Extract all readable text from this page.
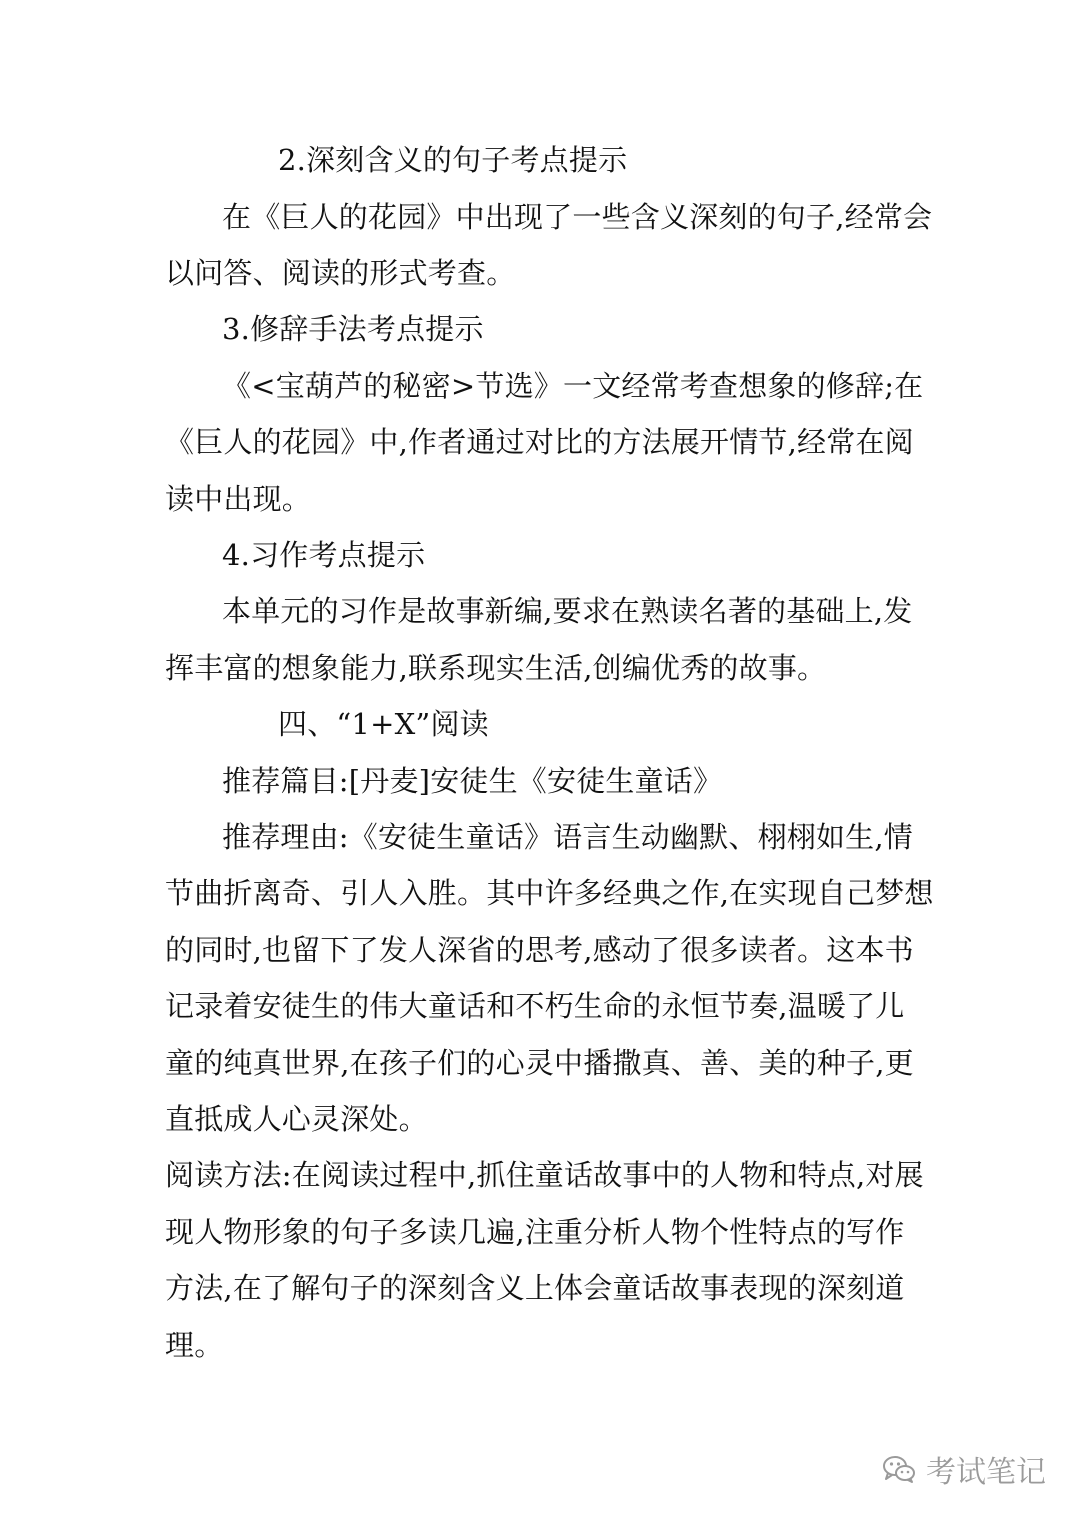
2.深刻含义的句子考点提示
在《巨人的花园》中出现了一些含义深刻的句子,经常会
以问答、阅读的形式考查。
3.修辞手法考点提示
《<宝葫芦的秘密>节选》一文经常考查想象的修辞;在
《巨人的花园》中,作者通过对比的方法展开情节,经常在阅
读中出现。
4.习作考点提示
本单元的习作是故事新编,要求在熟读名著的基础上,发
挥丰富的想象能力,联系现实生活,创编优秀的故事。
四、“1+X”阅读
推荐篇目:[丹麦]安徒生《安徒生童话》
推荐理由:《安徒生童话》语言生动幽默、栩栩如生,情
节曲折离奇、引人入胜。其中许多经典之作,在实现自己梦想
的同时,也留下了发人深省的思考,感动了很多读者。这本书
记录着安徒生的伟大童话和不朽生命的永恒节奏,温暖了儿
童的纯真世界,在孩子们的心灵中播撒真、善、美的种子,更
直抵成人心灵深处。
阅读方法:在阅读过程中,抓住童话故事中的人物和特点,对展
现人物形象的句子多读几遍,注重分析人物个性特点的写作
方法,在了解句子的深刻含义上体会童话故事表现的深刻道
理。
考试笔记
